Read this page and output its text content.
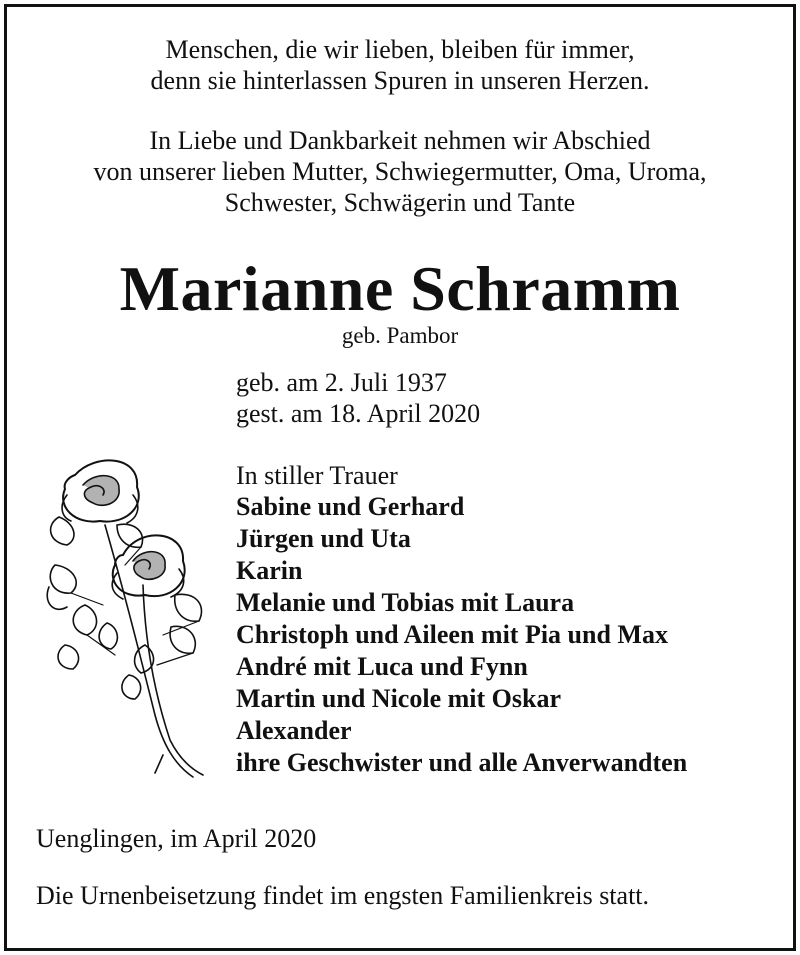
Menschen, die wir lieben, bleiben für immer,
denn sie hinterlassen Spuren in unseren Herzen.
In Liebe und Dankbarkeit nehmen wir Abschied
von unserer lieben Mutter, Schwiegermutter, Oma, Uroma,
Schwester, Schwägerin und Tante
Marianne Schramm
geb. Pambor
geb. am 2. Juli 1937
gest. am 18. April 2020
In stiller Trauer
Sabine und Gerhard
Jürgen und Uta
Karin
Melanie und Tobias mit Laura
Christoph und Aileen mit Pia und Max
André mit Luca und Fynn
Martin und Nicole mit Oskar
Alexander
ihre Geschwister und alle Anverwandten
Uenglingen, im April 2020
Die Urnenbeisetzung findet im engsten Familienkreis statt.
